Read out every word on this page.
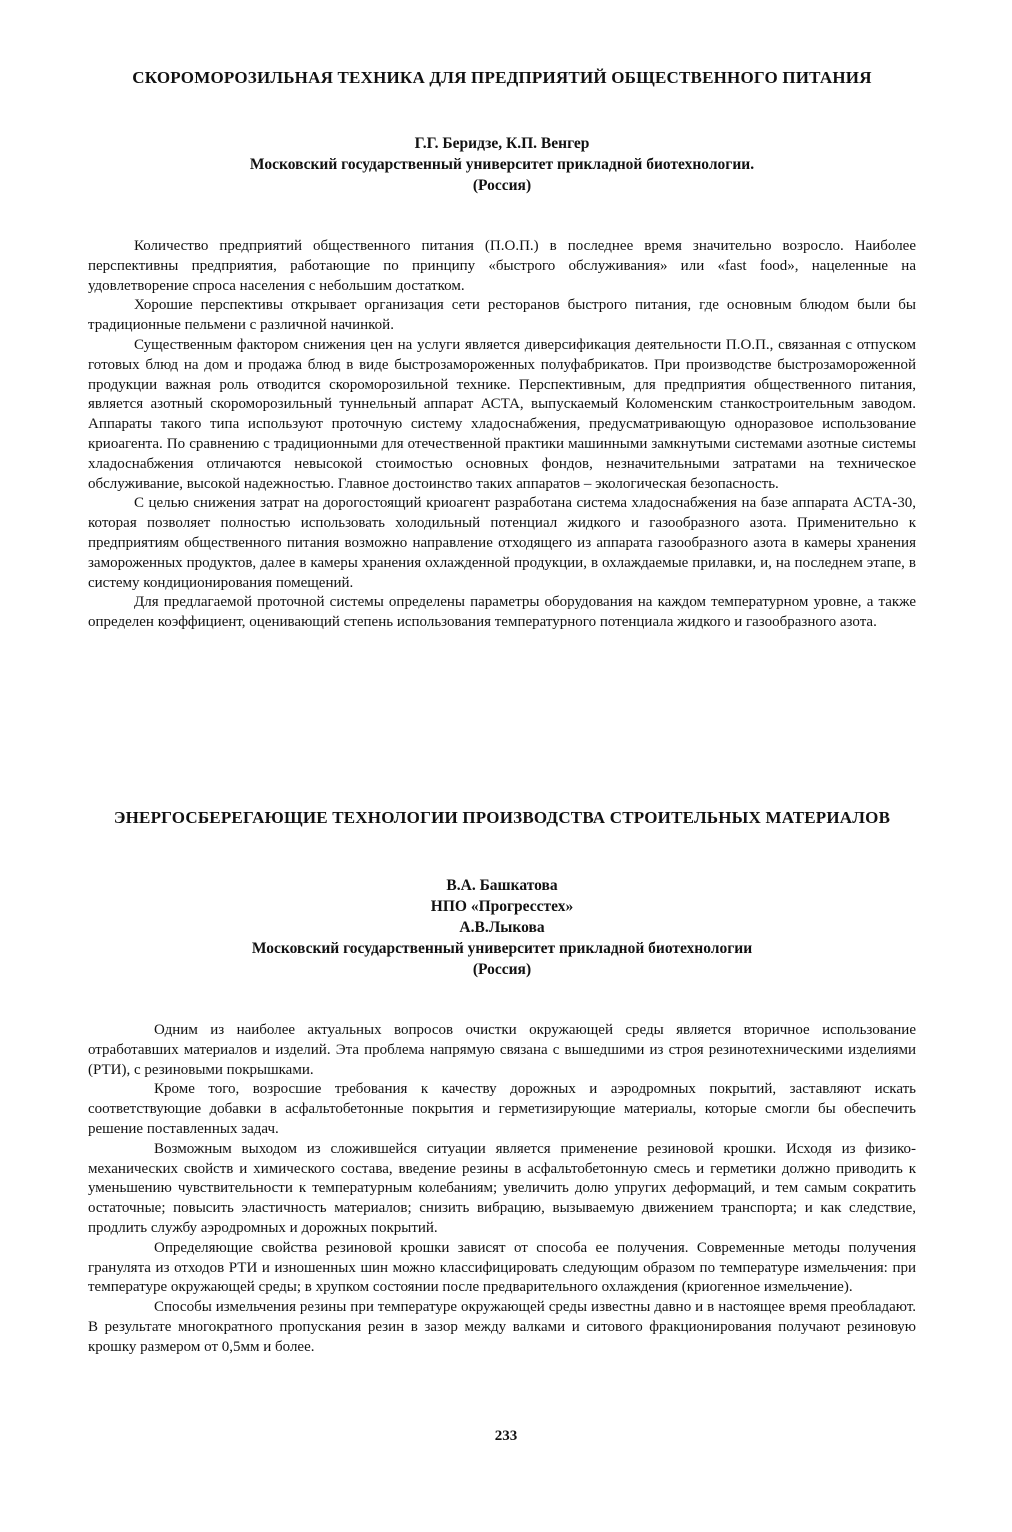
СКОРОМОРОЗИЛЬНАЯ ТЕХНИКА ДЛЯ ПРЕДПРИЯТИЙ ОБЩЕСТВЕННОГО ПИТАНИЯ
Г.Г. Беридзе, К.П. Венгер
Московский государственный университет прикладной биотехнологии.
(Россия)

Количество предприятий общественного питания (П.О.П.) в последнее время значительно возросло. Наиболее перспективны предприятия, работающие по принципу «быстрого обслуживания» или «fast food», нацеленные на удовлетворение спроса населения с небольшим достатком.

Хорошие перспективы открывает организация сети ресторанов быстрого питания, где основным блюдом были бы традиционные пельмени с различной начинкой.

Существенным фактором снижения цен на услуги является диверсификация деятельности П.О.П., связанная с отпуском готовых блюд на дом и продажа блюд в виде быстрозамороженных полуфабрикатов. При производстве быстрозамороженной продукции важная роль отводится скороморозильной технике. Перспективным, для предприятия общественного питания, является азотный скороморозильный туннельный аппарат АСТА, выпускаемый Коломенским станкостроительным заводом. Аппараты такого типа используют проточную систему хладоснабжения, предусматривающую одноразовое использование криоагента. По сравнению с традиционными для отечественной практики машинными замкнутыми системами азотные системы хладоснабжения отличаются невысокой стоимостью основных фондов, незначительными затратами на техническое обслуживание, высокой надежностью. Главное достоинство таких аппаратов – экологическая безопасность.

С целью снижения затрат на дорогостоящий криоагент разработана система хладоснабжения на базе аппарата АСТА-30, которая позволяет полностью использовать холодильный потенциал жидкого и газообразного азота. Применительно к предприятиям общественного питания возможно направление отходящего из аппарата газообразного азота в камеры хранения замороженных продуктов, далее в камеры хранения охлажденной продукции, в охлаждаемые прилавки, и, на последнем этапе, в систему кондиционирования помещений.

Для предлагаемой проточной системы определены параметры оборудования на каждом температурном уровне, а также определен коэффициент, оценивающий степень использования температурного потенциала жидкого и газообразного азота.

ЭНЕРГОСБЕРЕГАЮЩИЕ ТЕХНОЛОГИИ ПРОИЗВОДСТВА СТРОИТЕЛЬНЫХ МАТЕРИАЛОВ
В.А. Башкатова
НПО «Прогресстех»
А.В.Лыкова
Московский государственный университет прикладной биотехнологии
(Россия)

Одним из наиболее актуальных вопросов очистки окружающей среды является вторичное использование отработавших материалов и изделий. Эта проблема напрямую связана с вышедшими из строя резинотехническими изделиями (РТИ), с резиновыми покрышками.

Кроме того, возросшие требования к качеству дорожных и аэродромных покрытий, заставляют искать соответствующие добавки в асфальтобетонные покрытия и герметизирующие материалы, которые смогли бы обеспечить решение поставленных задач.

Возможным выходом из сложившейся ситуации является применение резиновой крошки. Исходя из физико-механических свойств и химического состава, введение резины в асфальтобетонную смесь и герметики должно приводить к уменьшению чувствительности к температурным колебаниям; увеличить долю упругих деформаций, и тем самым сократить остаточные; повысить эластичность материалов; снизить вибрацию, вызываемую движением транспорта; и как следствие, продлить службу аэродромных и дорожных покрытий.

Определяющие свойства резиновой крошки зависят от способа ее получения. Современные методы получения гранулята из отходов РТИ и изношенных шин можно классифицировать следующим образом по температуре измельчения: при температуре окружающей среды; в хрупком состоянии после предварительного охлаждения (криогенное измельчение).

Способы измельчения резины при температуре окружающей среды известны давно и в настоящее время преобладают. В результате многократного пропускания резин в зазор между валками и ситового фракционирования получают резиновую крошку размером от 0,5мм и более.

233
